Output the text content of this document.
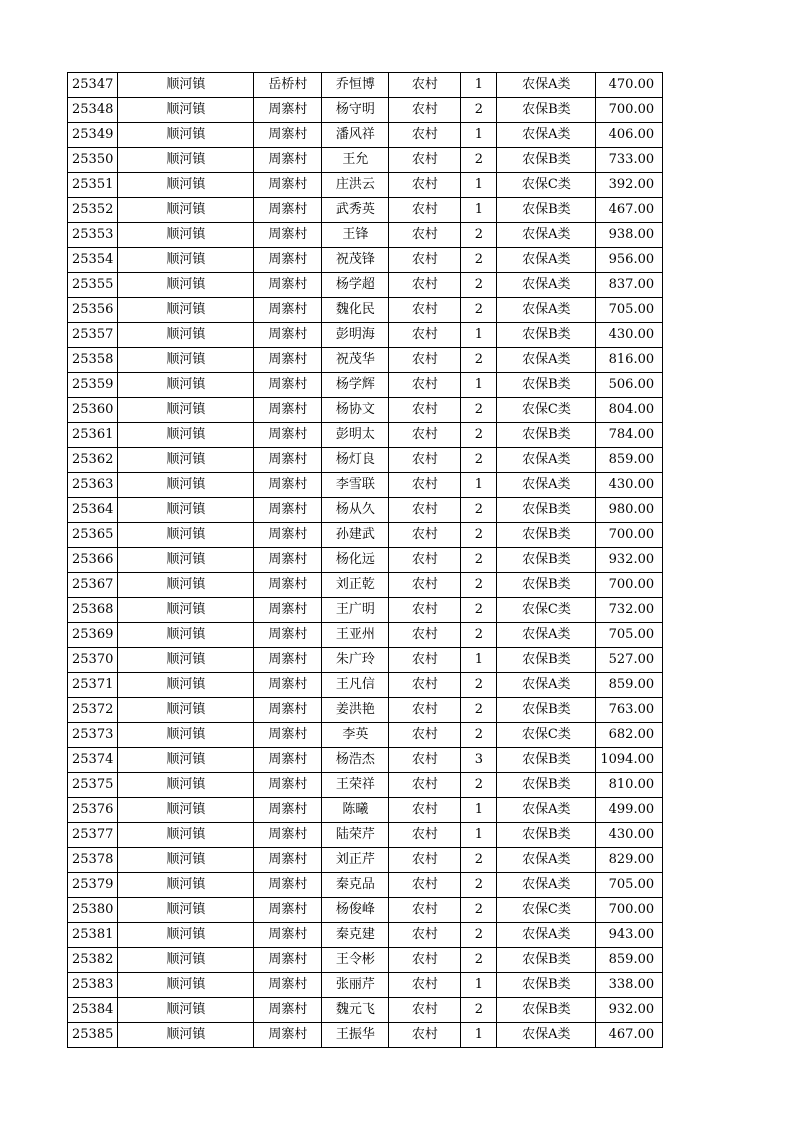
25347	顺河镇	岳桥村	乔恒博	农村	1	农保A类	470.00
25348	顺河镇	周寨村	杨守明	农村	2	农保B类	700.00
25349	顺河镇	周寨村	潘风祥	农村	1	农保A类	406.00
25350	顺河镇	周寨村	王允	农村	2	农保B类	733.00
25351	顺河镇	周寨村	庄洪云	农村	1	农保C类	392.00
25352	顺河镇	周寨村	武秀英	农村	1	农保B类	467.00
25353	顺河镇	周寨村	王锋	农村	2	农保A类	938.00
25354	顺河镇	周寨村	祝茂锋	农村	2	农保A类	956.00
25355	顺河镇	周寨村	杨学超	农村	2	农保A类	837.00
25356	顺河镇	周寨村	魏化民	农村	2	农保A类	705.00
25357	顺河镇	周寨村	彭明海	农村	1	农保B类	430.00
25358	顺河镇	周寨村	祝茂华	农村	2	农保A类	816.00
25359	顺河镇	周寨村	杨学辉	农村	1	农保B类	506.00
25360	顺河镇	周寨村	杨协文	农村	2	农保C类	804.00
25361	顺河镇	周寨村	彭明太	农村	2	农保B类	784.00
25362	顺河镇	周寨村	杨灯良	农村	2	农保A类	859.00
25363	顺河镇	周寨村	李雪联	农村	1	农保A类	430.00
25364	顺河镇	周寨村	杨从久	农村	2	农保B类	980.00
25365	顺河镇	周寨村	孙建武	农村	2	农保B类	700.00
25366	顺河镇	周寨村	杨化远	农村	2	农保B类	932.00
25367	顺河镇	周寨村	刘正乾	农村	2	农保B类	700.00
25368	顺河镇	周寨村	王广明	农村	2	农保C类	732.00
25369	顺河镇	周寨村	王亚州	农村	2	农保A类	705.00
25370	顺河镇	周寨村	朱广玲	农村	1	农保B类	527.00
25371	顺河镇	周寨村	王凡信	农村	2	农保A类	859.00
25372	顺河镇	周寨村	姜洪艳	农村	2	农保B类	763.00
25373	顺河镇	周寨村	李英	农村	2	农保C类	682.00
25374	顺河镇	周寨村	杨浩杰	农村	3	农保B类	1094.00
25375	顺河镇	周寨村	王荣祥	农村	2	农保B类	810.00
25376	顺河镇	周寨村	陈曦	农村	1	农保A类	499.00
25377	顺河镇	周寨村	陆荣芹	农村	1	农保B类	430.00
25378	顺河镇	周寨村	刘正芹	农村	2	农保A类	829.00
25379	顺河镇	周寨村	秦克品	农村	2	农保A类	705.00
25380	顺河镇	周寨村	杨俊峰	农村	2	农保C类	700.00
25381	顺河镇	周寨村	秦克建	农村	2	农保A类	943.00
25382	顺河镇	周寨村	王令彬	农村	2	农保B类	859.00
25383	顺河镇	周寨村	张丽芹	农村	1	农保B类	338.00
25384	顺河镇	周寨村	魏元飞	农村	2	农保B类	932.00
25385	顺河镇	周寨村	王振华	农村	1	农保A类	467.00
